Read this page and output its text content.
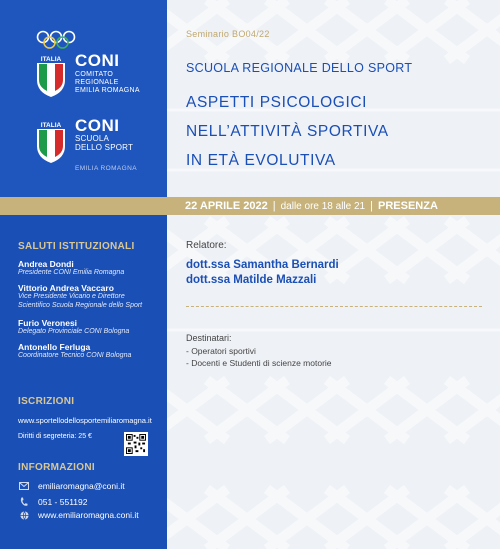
ITALIA CONI
COMITATO
REGIONALE
EMILIA ROMAGNA
ITALIA CONI
SCUOLA
DELLO SPORT
EMILIA ROMAGNA
Seminario BO04/22
SCUOLA REGIONALE DELLO SPORT
ASPETTI PSICOLOGICI
NELL’ATTIVITÀ SPORTIVA
IN ETÀ EVOLUTIVA
22 APRILE 2022 | dalle ore 18 alle 21 | PRESENZA
Relatore:
dott.ssa Samantha Bernardi
dott.ssa Matilde Mazzali
Destinatari:
- Operatori sportivi
- Docenti e Studenti di scienze motorie
SALUTI ISTITUZIONALI
Andrea Dondi
Presidente CONI Emilia Romagna
Vittorio Andrea Vaccaro
Vice Presidente Vicario e Direttore
Scientifico Scuola Regionale dello Sport
Furio Veronesi
Delegato Provinciale CONI Bologna
Antonello Ferluga
Coordinatore Tecnico CONI Bologna
ISCRIZIONI
www.sportellodellosportemiliaromagna.it
Diritti di segreteria: 25 €
INFORMAZIONI
emiliaromagna@coni.it
051 - 551192
www.emiliaromagna.coni.it
